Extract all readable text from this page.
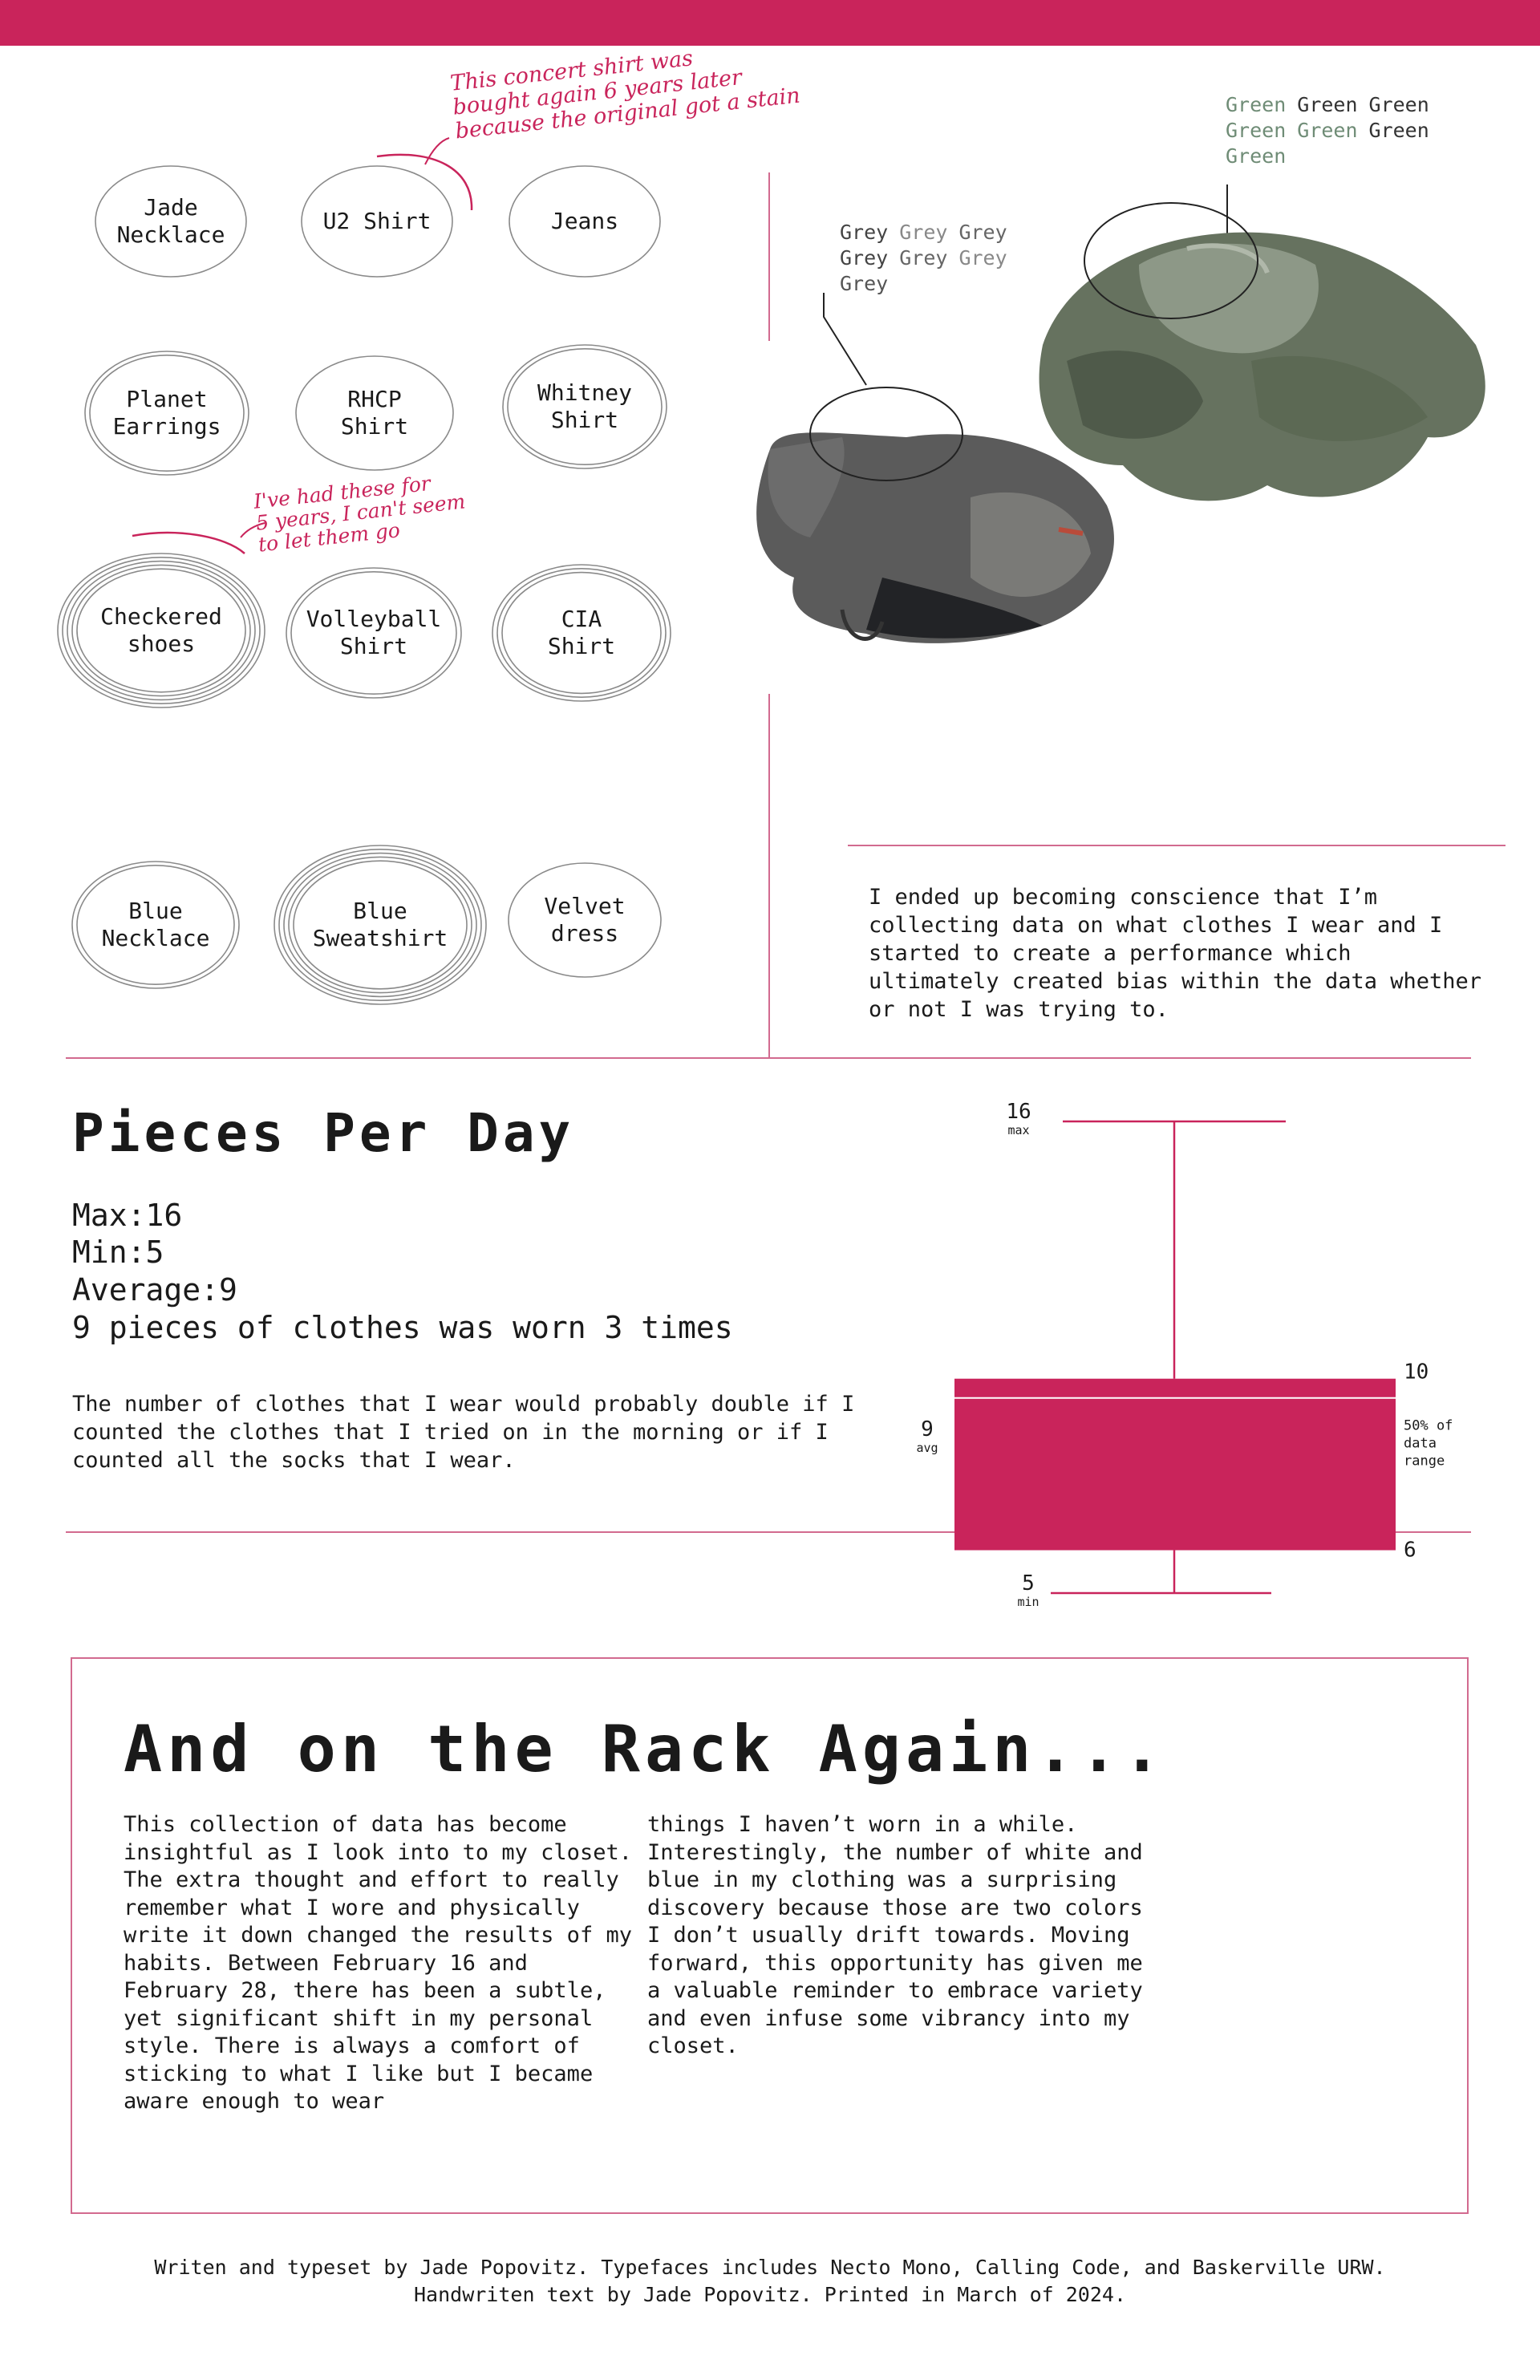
Jade
Necklace
U2 Shirt	Jeans
Planet
Earrings
RHCP
Shirt
Whitney
Shirt
Checkered
shoes
Volleyball
Shirt
CIA
Shirt
Blue
Necklace
Blue
Sweatshirt
Velvet
dress
This concert shirt was
bought again 6 years later
because the original got a stain
I've had these for
5 years, I can't seem
to let them go
Green Green Green
Green Green Green
Green
Grey Grey Grey
Grey Grey Grey
Grey
I ended up becoming conscience that I’m collecting data on what clothes I wear and I started to create a performance which ultimately created bias within the data whether or not I was trying to.
Pieces Per Day
Max:16
Min:5
Average:9
9 pieces of clothes was worn 3 times
The number of clothes that I wear would probably double if I counted the clothes that I tried on in the morning or if I counted all the socks that I wear.
16
max
5
min
9
avg
10
6
50% of
data
range
And on the Rack Again...
This collection of data has become insightful as I look into to my closet. The extra thought and effort to really remember what I wore and physically write it down changed the results of my habits. Between February 16 and February 28, there has been a subtle, yet significant shift in my personal style. There is always a comfort of sticking to what I like but I became aware enough to wear
things I haven’t worn in a while. Interestingly, the number of white and blue in my clothing was a surprising discovery because those are two colors I don’t usually drift towards. Moving forward, this opportunity has given me a valuable reminder to embrace variety and even infuse some vibrancy into my closet.
Writen and typeset by Jade Popovitz. Typefaces includes Necto Mono, Calling Code, and Baskerville URW. Handwriten text by Jade Popovitz. Printed in March of 2024.
